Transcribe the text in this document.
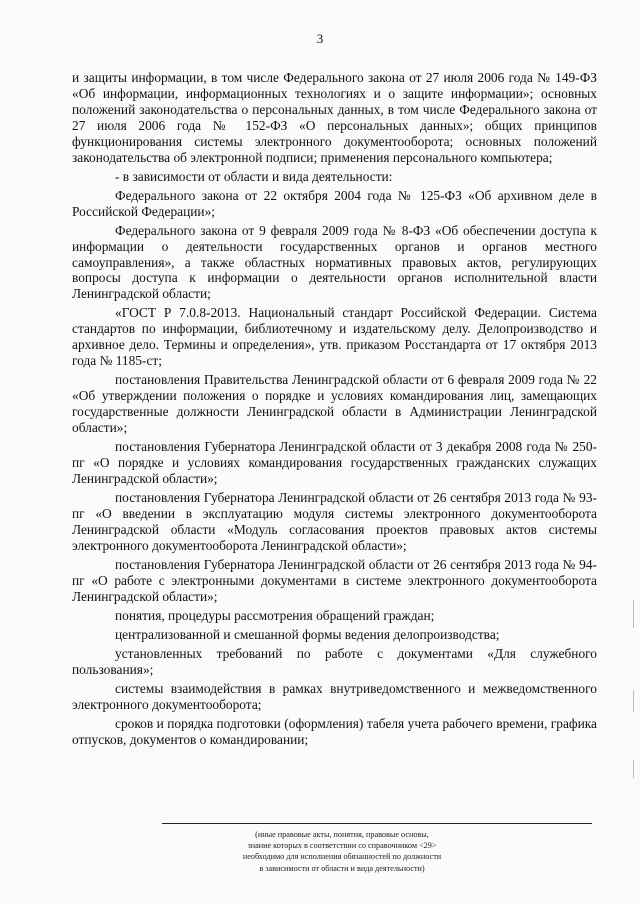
3

и защиты информации, в том числе Федерального закона от 27 июля 2006 года № 149-ФЗ «Об информации, информационных технологиях и о защите информации»; основных положений законодательства о персональных данных, в том числе Федерального закона от 27 июля 2006 года № 152-ФЗ «О персональных данных»; общих принципов функционирования системы электронного документооборота; основных положений законодательства об электронной подписи; применения персонального компьютера;

- в зависимости от области и вида деятельности:

Федерального закона от 22 октября 2004 года № 125-ФЗ «Об архивном деле в Российской Федерации»;

Федерального закона от 9 февраля 2009 года № 8-ФЗ «Об обеспечении доступа к информации о деятельности государственных органов и органов местного самоуправления», а также областных нормативных правовых актов, регулирующих вопросы доступа к информации о деятельности органов исполнительной власти Ленинградской области;

«ГОСТ Р 7.0.8-2013. Национальный стандарт Российской Федерации. Система стандартов по информации, библиотечному и издательскому делу. Делопроизводство и архивное дело. Термины и определения», утв. приказом Росстандарта от 17 октября 2013 года № 1185-ст;

постановления Правительства Ленинградской области от 6 февраля 2009 года № 22 «Об утверждении положения о порядке и условиях командирования лиц, замещающих государственные должности Ленинградской области в Администрации Ленинградской области»;

постановления Губернатора Ленинградской области от 3 декабря 2008 года № 250-пг «О порядке и условиях командирования государственных гражданских служащих Ленинградской области»;

постановления Губернатора Ленинградской области от 26 сентября 2013 года № 93-пг «О введении в эксплуатацию модуля системы электронного документооборота Ленинградской области «Модуль согласования проектов правовых актов системы электронного документооборота Ленинградской области»;

постановления Губернатора Ленинградской области от 26 сентября 2013 года № 94-пг «О работе с электронными документами в системе электронного документооборота Ленинградской области»;

понятия, процедуры рассмотрения обращений граждан;

централизованной и смешанной формы ведения делопроизводства;

установленных требований по работе с документами «Для служебного пользования»;

системы взаимодействия в рамках внутриведомственного и межведомственного электронного документооборота;

сроков и порядка подготовки (оформления) табеля учета рабочего времени, графика отпусков, документов о командировании;

(иные правовые акты, понятия, правовые основы,
знание которых в соответствии со справочником <29>
необходимо для исполнения обязанностей по должности
в зависимости от области и вида деятельности)
